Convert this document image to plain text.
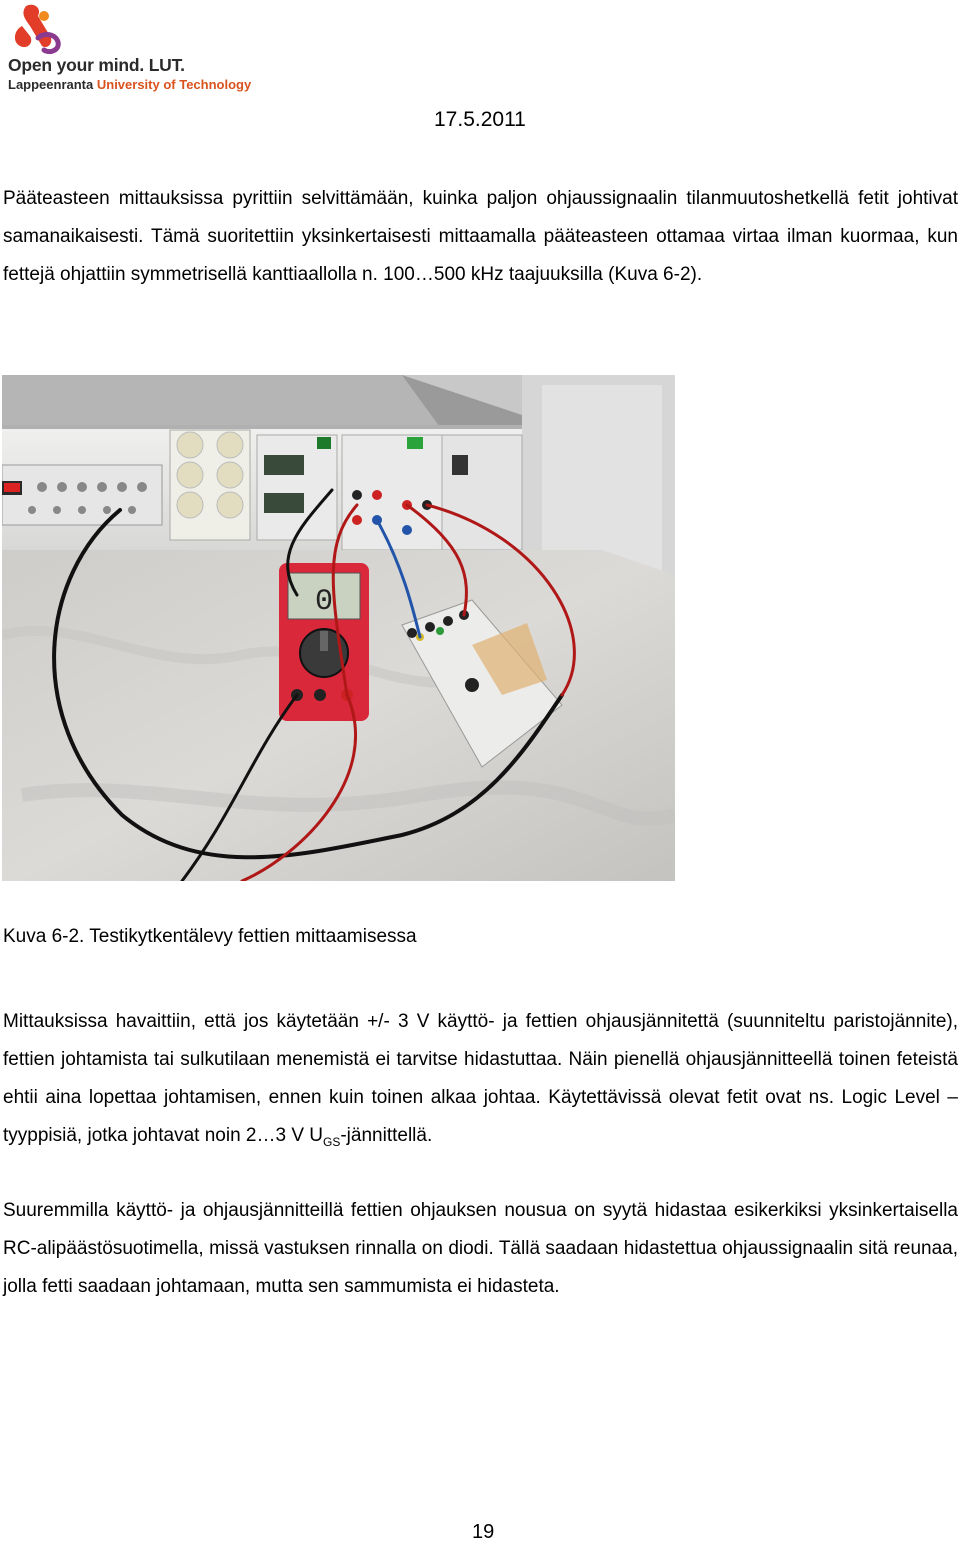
Open your mind. LUT.
Lappeenranta University of Technology
17.5.2011

Pääteasteen mittauksissa pyrittiin selvittämään, kuinka paljon ohjaussignaalin tilanmuutoshetkellä fetit johtivat samanaikaisesti. Tämä suoritettiin yksinkertaisesti mittaamalla pääteasteen ottamaa virtaa ilman kuormaa, kun fettejä ohjattiin symmetrisellä kanttiaallolla n. 100…500 kHz taajuuksilla (Kuva 6-2).

0

Kuva 6-2. Testikytkentälevy fettien mittaamisessa

Mittauksissa havaittiin, että jos käytetään +/- 3 V käyttö- ja fettien ohjausjännitettä (suunniteltu paristojännite), fettien johtamista tai sulkutilaan menemistä ei tarvitse hidastuttaa. Näin pienellä ohjausjännitteellä toinen feteistä ehtii aina lopettaa johtamisen, ennen kuin toinen alkaa johtaa. Käytettävissä olevat fetit ovat ns. Logic Level –tyyppisiä, jotka johtavat noin 2…3 V $U_{GS}$-jännittellä.

Suuremmilla käyttö- ja ohjausjännitteillä fettien ohjauksen nousua on syytä hidastaa esikerkiksi yksinkertaisella RC-alipäästösuotimella, missä vastuksen rinnalla on diodi. Tällä saadaan hidastettua ohjaussignaalin sitä reunaa, jolla fetti saadaan johtamaan, mutta sen sammumista ei hidasteta.

19
